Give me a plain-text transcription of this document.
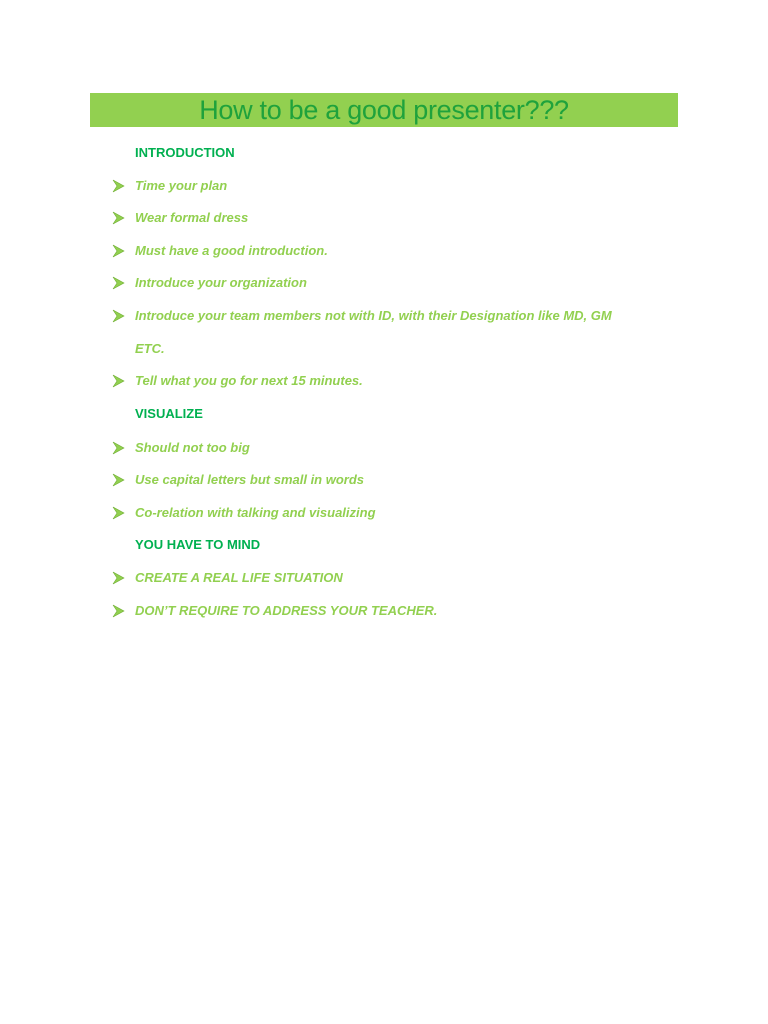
How to be a good presenter???
INTRODUCTION
Time your plan
Wear formal dress
Must have a good introduction.
Introduce your organization
Introduce your team members not with ID, with their Designation like MD, GM
ETC.
Tell what you go for next 15 minutes.
VISUALIZE
Should not too big
Use capital letters but small in words
Co-relation with talking and visualizing
YOU HAVE TO MIND
CREATE A REAL LIFE SITUATION
DON’T REQUIRE TO ADDRESS YOUR TEACHER.
